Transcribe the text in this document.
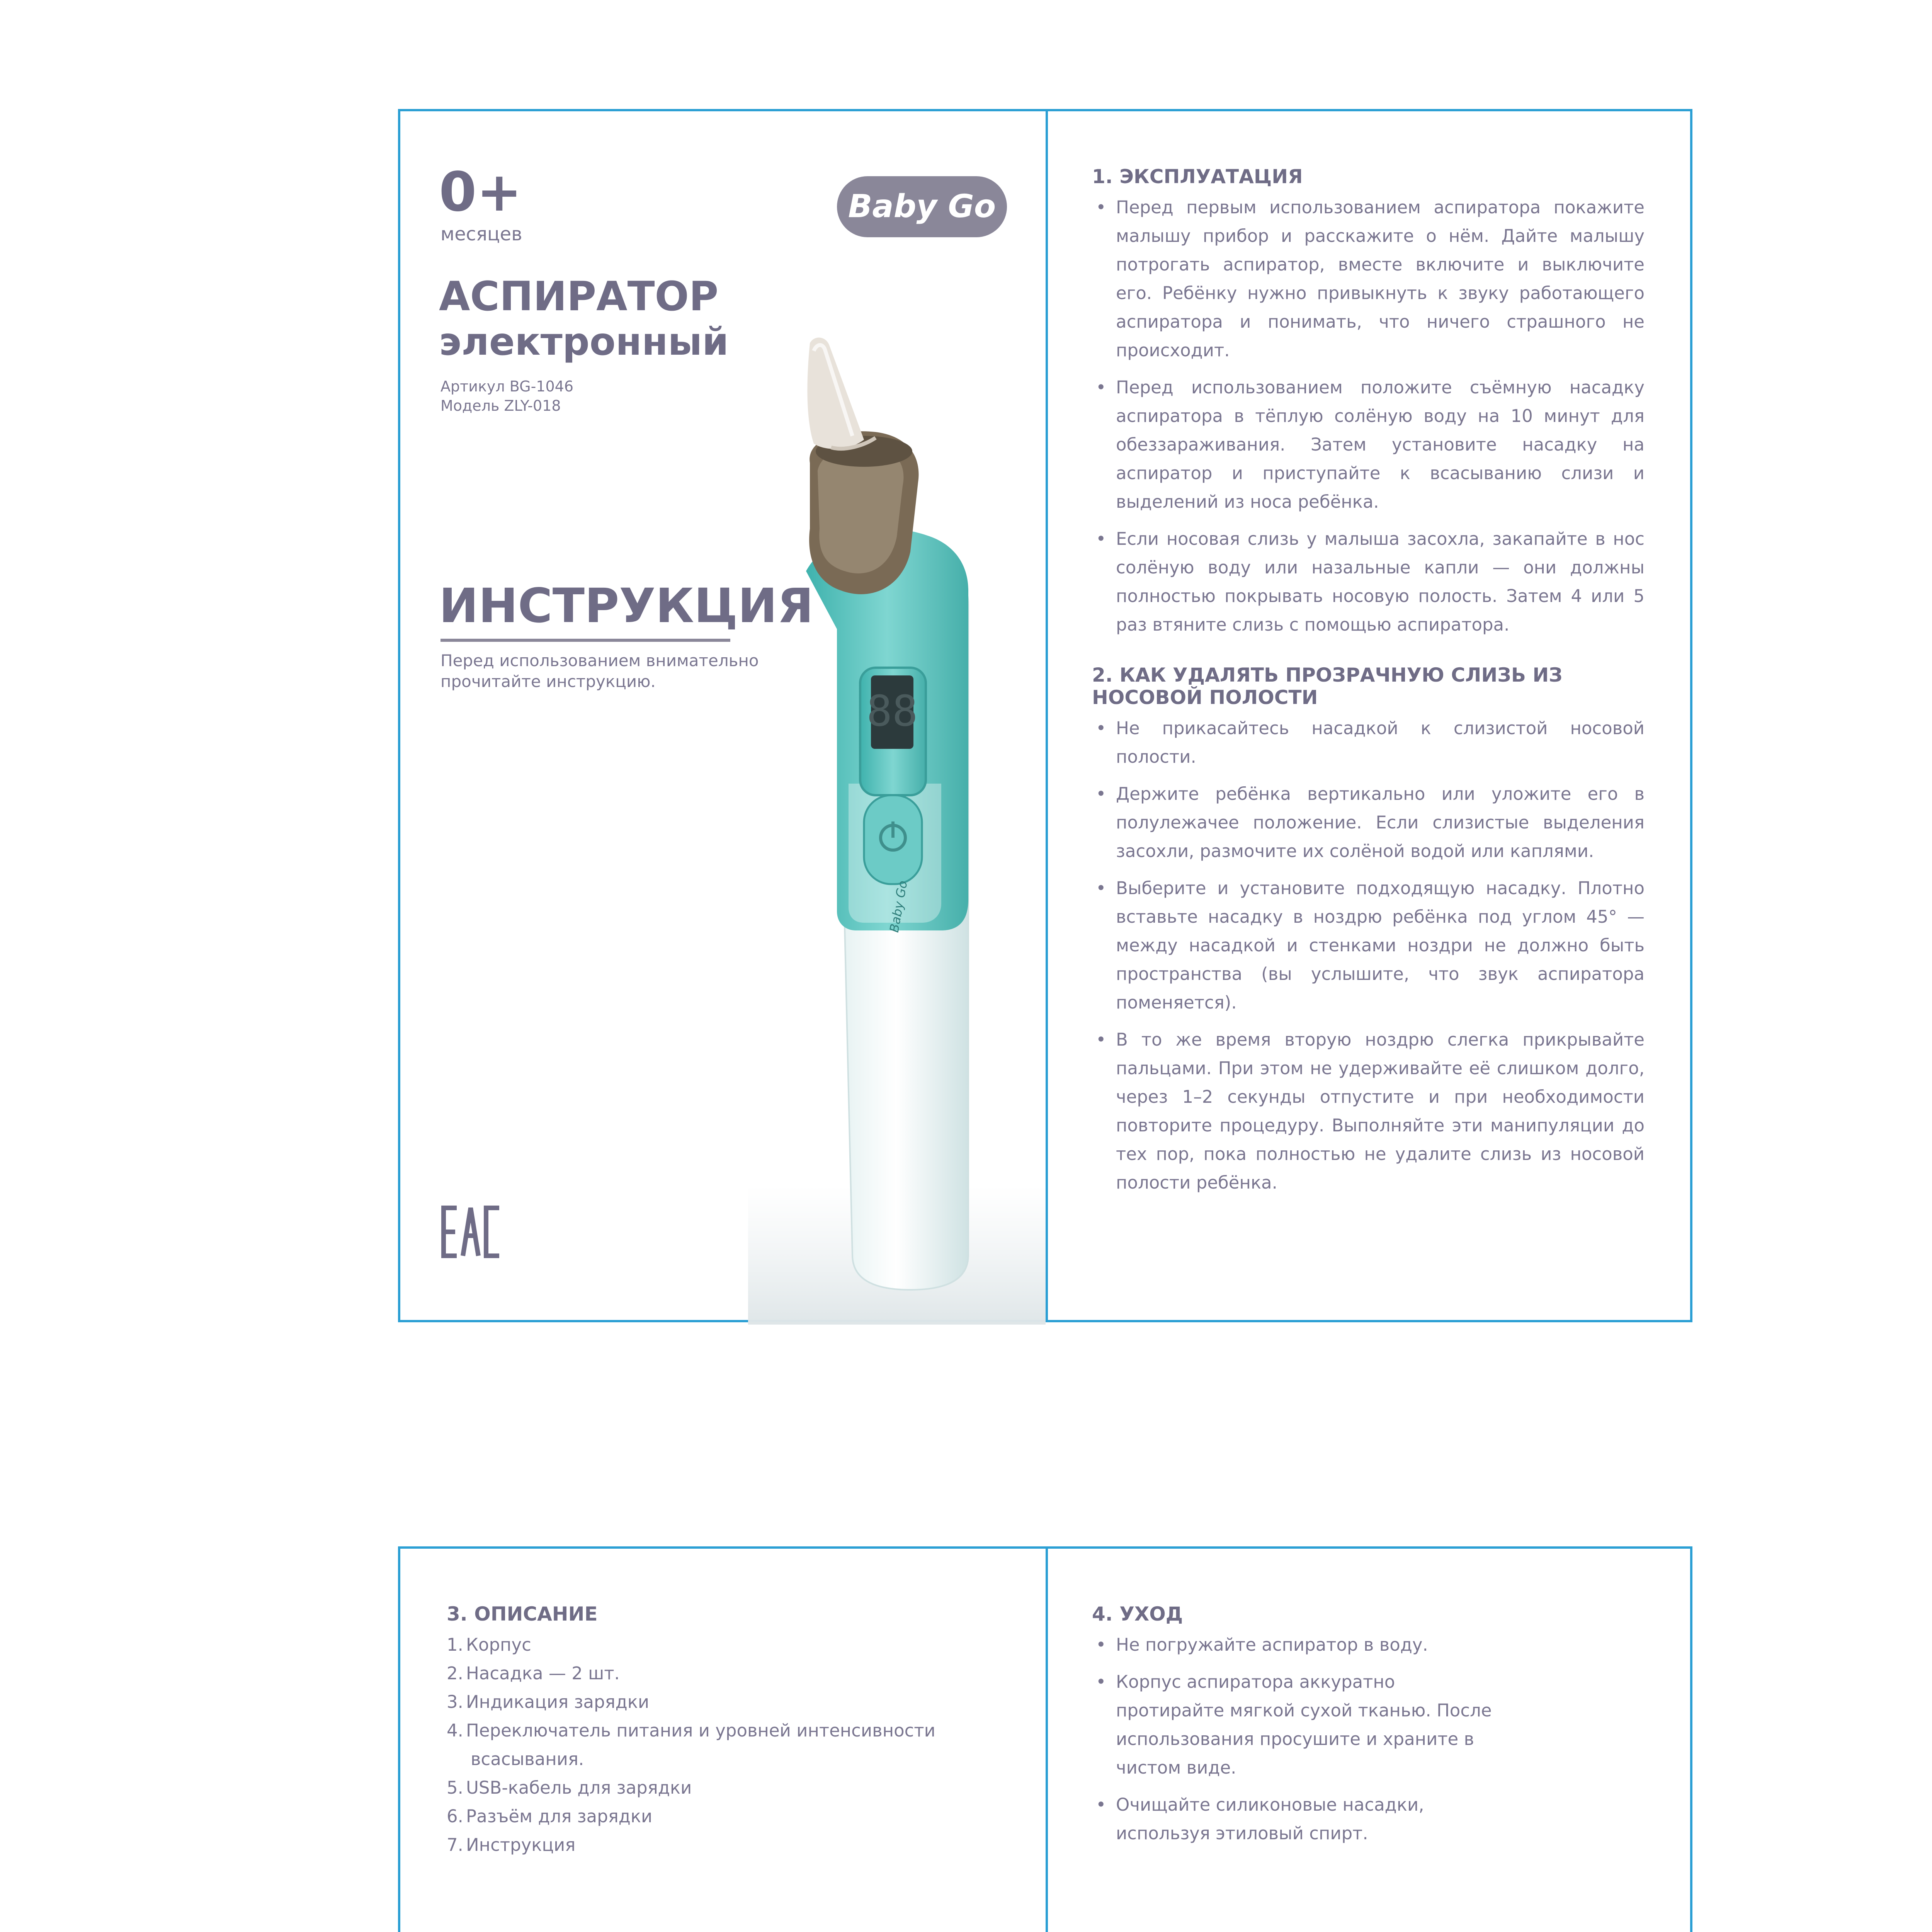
0+
месяцев
Baby Go
АСПИРАТОР
электронный
Артикул BG-1046
Модель ZLY-018
ИНСТРУКЦИЯ
Перед использованием внимательно
прочитайте инструкцию.
88
Baby Go
1. ЭКСПЛУАТАЦИЯ
• Перед первым использованием аспиратора покажите малышу прибор и расскажите о нём. Дайте малышу потрогать аспиратор, вместе включите и выключите его. Ребёнку нужно привыкнуть к звуку работающего аспиратора и понимать, что ничего страшного не происходит.
• Перед использованием положите съёмную насадку аспиратора в тёплую солёную воду на 10 минут для обеззараживания. Затем установите насадку на аспиратор и приступайте к всасыванию слизи и выделений из носа ребёнка.
• Если носовая слизь у малыша засохла, закапайте в нос солёную воду или назальные капли — они должны полностью покрывать носовую полость. Затем 4 или 5 раз втяните слизь с помощью аспиратора.
2. КАК УДАЛЯТЬ ПРОЗРАЧНУЮ СЛИЗЬ ИЗ НОСОВОЙ ПОЛОСТИ
• Не прикасайтесь насадкой к слизистой носовой полости.
• Держите ребёнка вертикально или уложите его в полулежачее положение. Если слизистые выделения засохли, размочите их солёной водой или каплями.
• Выберите и установите подходящую насадку. Плотно вставьте насадку в ноздрю ребёнка под углом 45° — между насадкой и стенками ноздри не должно быть пространства (вы услышите, что звук аспиратора поменяется).
• В то же время вторую ноздрю слегка прикрывайте пальцами. При этом не удерживайте её слишком долго, через 1–2 секунды отпустите и при необходимости повторите процедуру. Выполняйте эти манипуляции до тех пор, пока полностью не удалите слизь из носовой полости ребёнка.
3. ОПИСАНИЕ
1. Корпус
2. Насадка — 2 шт.
3. Индикация зарядки
4. Переключатель питания и уровней интенсивности
всасывания.
5. USB-кабель для зарядки
6. Разъём для зарядки
7. Инструкция
4. УХОД
• Не погружайте аспиратор в воду.
• Корпус аспиратора аккуратно протирайте мягкой сухой тканью. После использования просушите и храните в чистом виде.
• Очищайте силиконовые насадки, используя этиловый спирт.
